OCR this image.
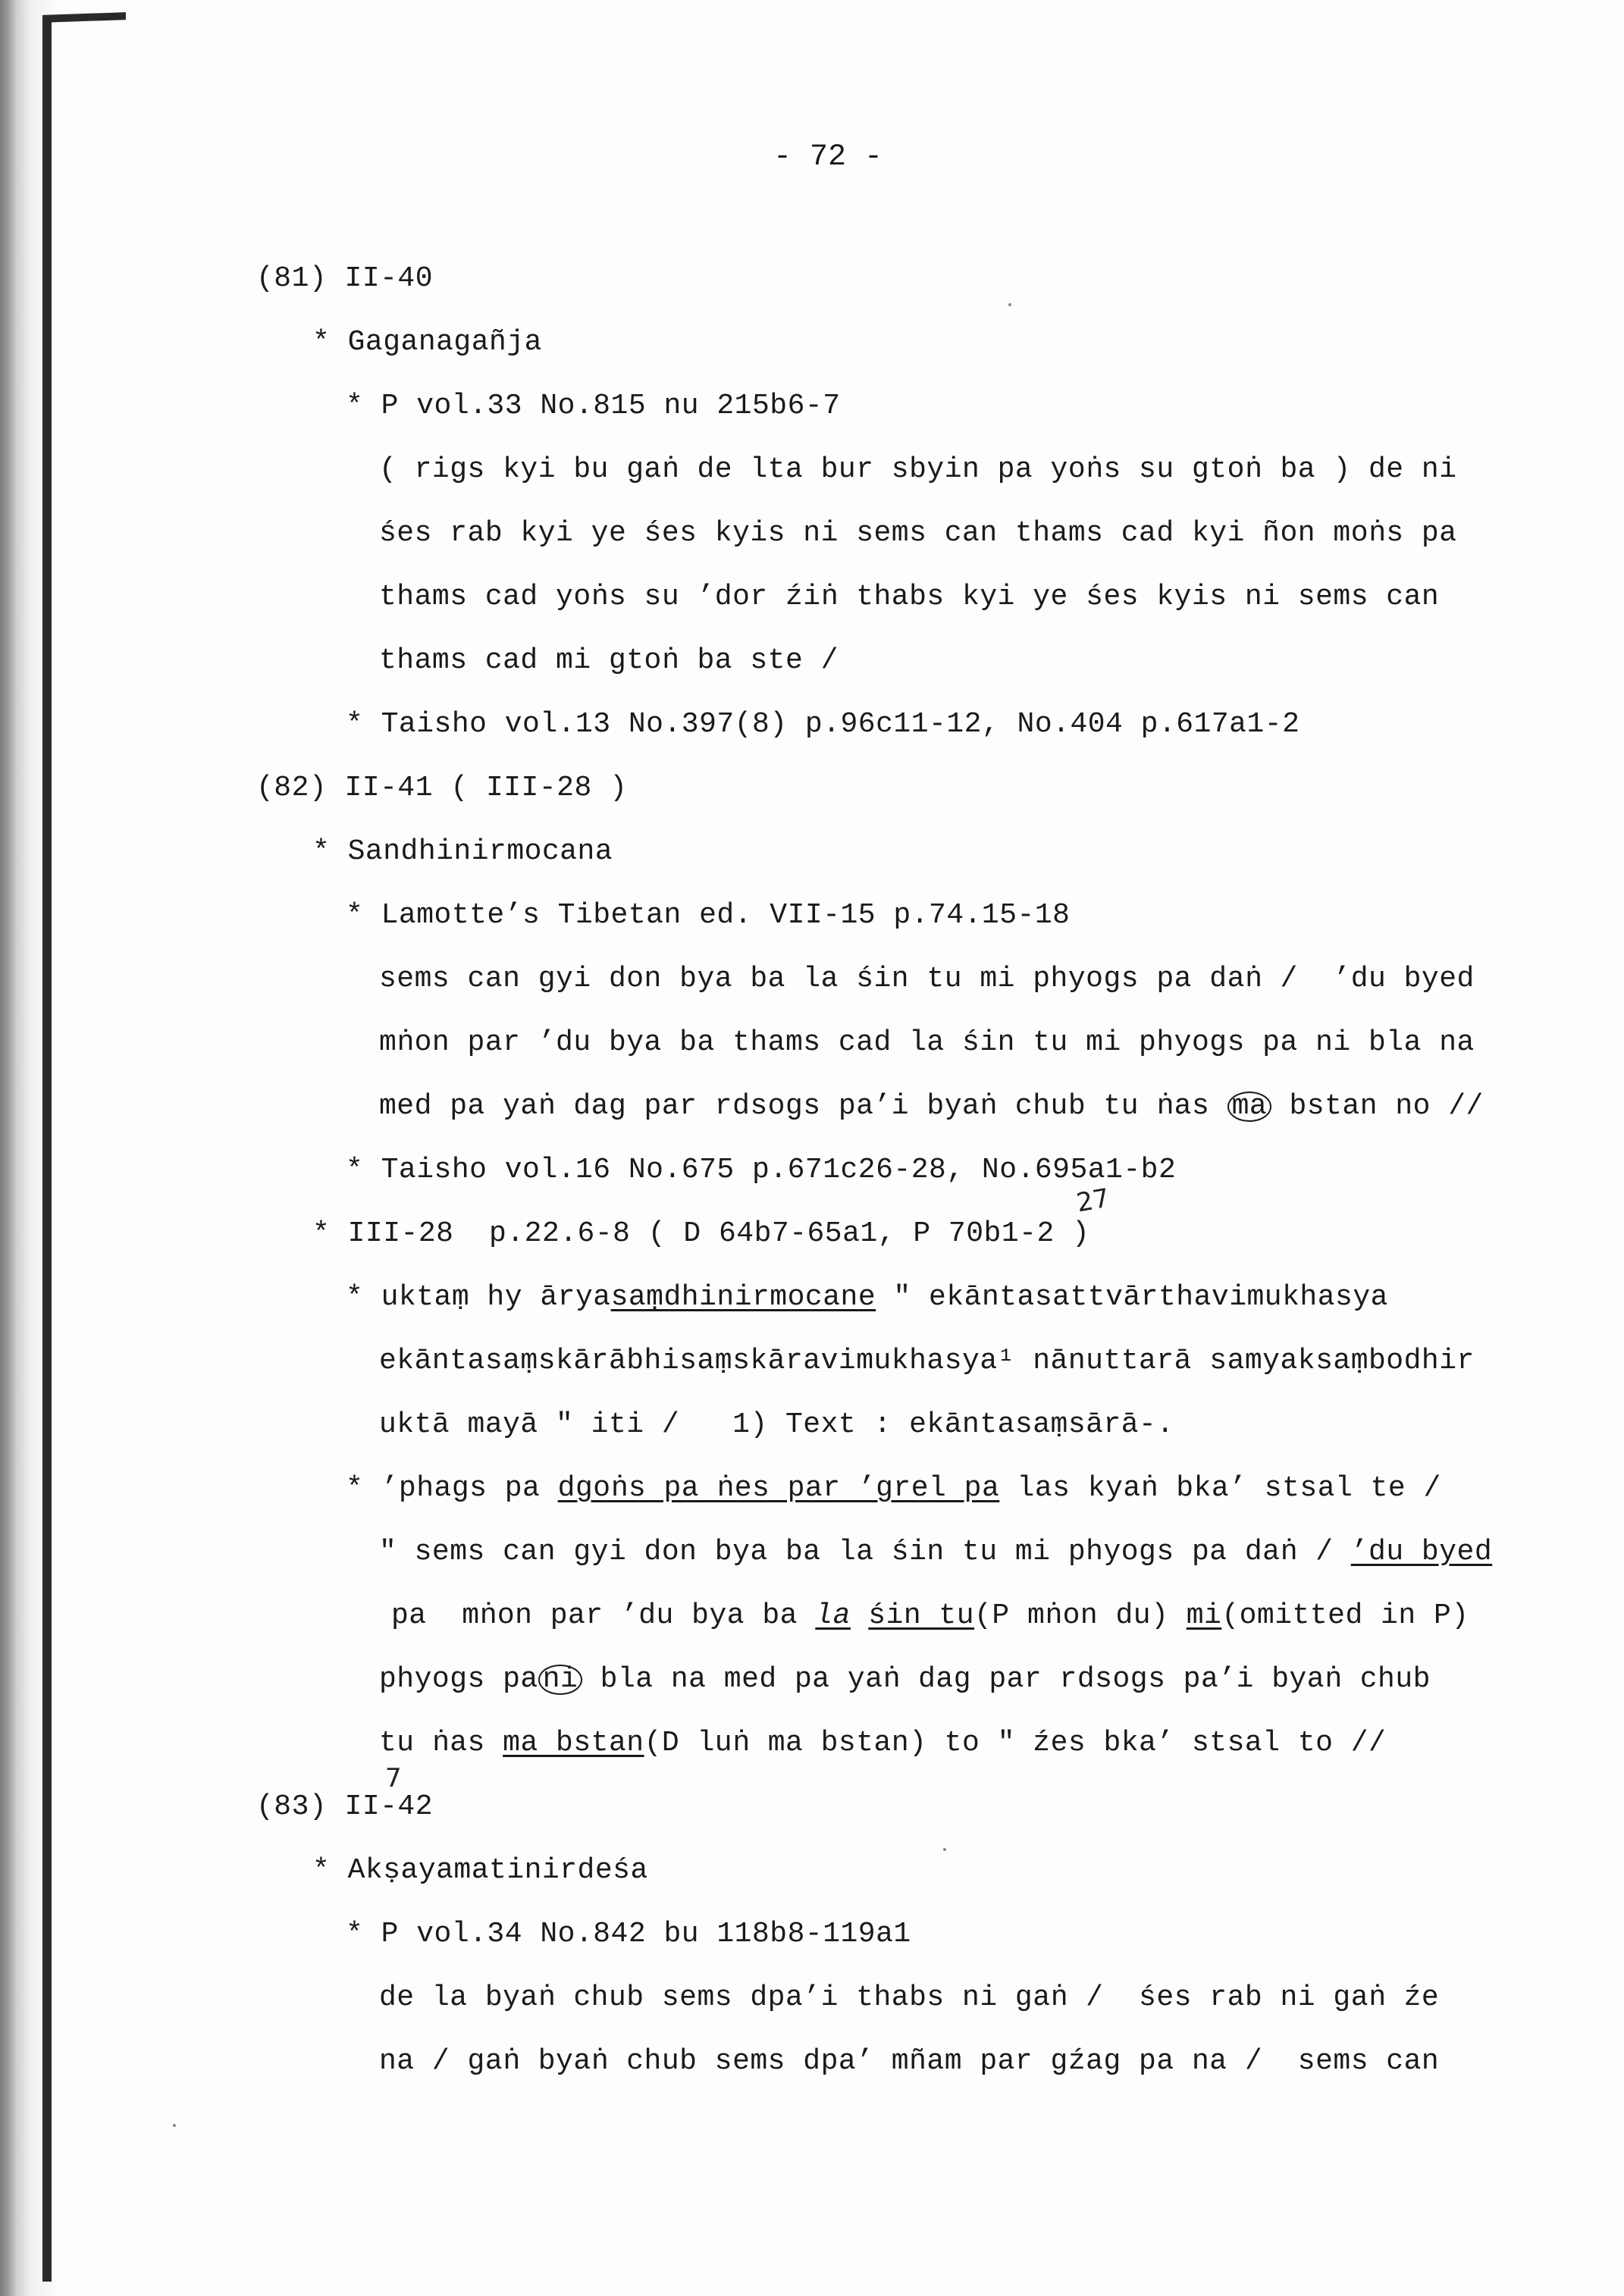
- 72 -
(81) II-40
* Gaganagañja
* P vol.33 No.815 nu 215b6-7
( rigs kyi bu gaṅ de lta bur sbyin pa yoṅs su gtoṅ ba ) de ni
śes rab kyi ye śes kyis ni sems can thams cad kyi ñon moṅs pa
thams cad yoṅs su ’dor źiṅ thabs kyi ye śes kyis ni sems can
thams cad mi gtoṅ ba ste /
* Taisho vol.13 No.397(8) p.96c11-12, No.404 p.617a1-2
(82) II-41 ( III-28 )
* Sandhinirmocana
* Lamotte’s Tibetan ed. VII-15 p.74.15-18
sems can gyi don bya ba la śin tu mi phyogs pa daṅ /  ’du byed
mṅon par ’du bya ba thams cad la śin tu mi phyogs pa ni bla na
med pa yaṅ dag par rdsogs pa’i byaṅ chub tu ṅas ma bstan no //
* Taisho vol.16 No.675 p.671c26-28, No.695a1-b2
27
* III-28  p.22.6-8 ( D 64b7-65a1, P 70b1-2 )
* uktaṃ hy āryasaṃdhinirmocane " ekāntasattvārthavimukhasya
ekāntasaṃskārābhisaṃskāravimukhasya¹ nānuttarā samyaksaṃbodhir
uktā mayā " iti /   1) Text : ekāntasaṃsārā-.
* ’phags pa dgoṅs pa ṅes par ’grel pa las kyaṅ bka’ stsal te /
" sems can gyi don bya ba la śin tu mi phyogs pa daṅ / ’du byed
pa  mṅon par ’du bya ba la śin tu(P mṅon du) mi(omitted in P)
phyogs pa ni bla na med pa yaṅ dag par rdsogs pa’i byaṅ chub
tu ṅas ma bstan(D luṅ ma bstan) to " źes bka’ stsal to //
7
(83) II-42
* Akṣayamatinirdeśa
* P vol.34 No.842 bu 118b8-119a1
de la byaṅ chub sems dpa’i thabs ni gaṅ /  śes rab ni gaṅ źe
na / gaṅ byaṅ chub sems dpa’ mñam par gźag pa na /  sems can
